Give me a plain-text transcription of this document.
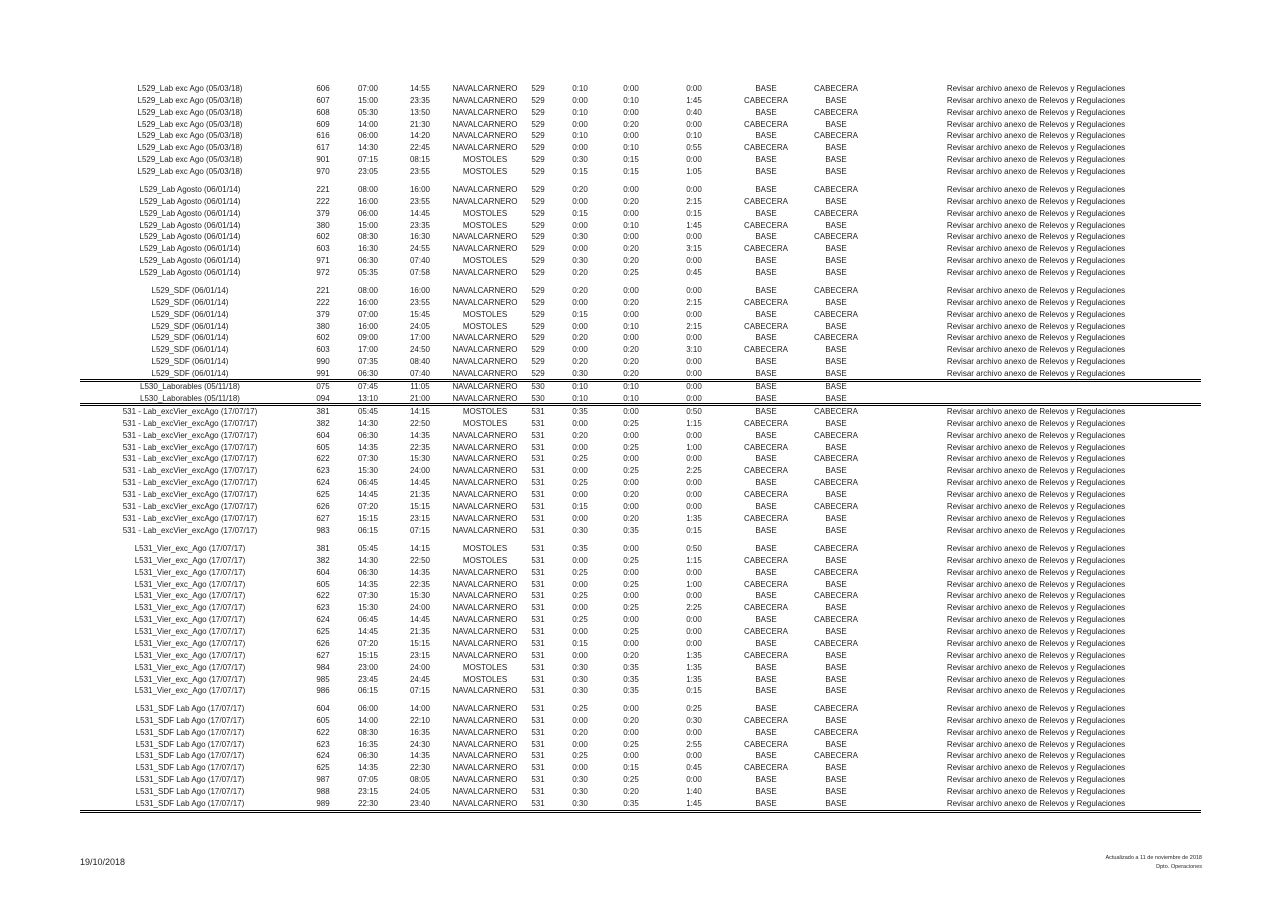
L529_Lab exc Ago (05/03/18)	606	07:00	14:55	NAVALCARNERO	529	0:10	0:00	0:00	BASE	CABECERA	Revisar archivo anexo de Relevos y Regulaciones
L529_Lab exc Ago (05/03/18)	607	15:00	23:35	NAVALCARNERO	529	0:00	0:10	1:45	CABECERA	BASE	Revisar archivo anexo de Relevos y Regulaciones
L529_Lab exc Ago (05/03/18)	608	05:30	13:50	NAVALCARNERO	529	0:10	0:00	0:40	BASE	CABECERA	Revisar archivo anexo de Relevos y Regulaciones
L529_Lab exc Ago (05/03/18)	609	14:00	21:30	NAVALCARNERO	529	0:00	0:20	0:00	CABECERA	BASE	Revisar archivo anexo de Relevos y Regulaciones
L529_Lab exc Ago (05/03/18)	616	06:00	14:20	NAVALCARNERO	529	0:10	0:00	0:10	BASE	CABECERA	Revisar archivo anexo de Relevos y Regulaciones
L529_Lab exc Ago (05/03/18)	617	14:30	22:45	NAVALCARNERO	529	0:00	0:10	0:55	CABECERA	BASE	Revisar archivo anexo de Relevos y Regulaciones
L529_Lab exc Ago (05/03/18)	901	07:15	08:15	MOSTOLES	529	0:30	0:15	0:00	BASE	BASE	Revisar archivo anexo de Relevos y Regulaciones
L529_Lab exc Ago (05/03/18)	970	23:05	23:55	MOSTOLES	529	0:15	0:15	1:05	BASE	BASE	Revisar archivo anexo de Relevos y Regulaciones
L529_Lab Agosto (06/01/14)	221	08:00	16:00	NAVALCARNERO	529	0:20	0:00	0:00	BASE	CABECERA	Revisar archivo anexo de Relevos y Regulaciones
L529_Lab Agosto (06/01/14)	222	16:00	23:55	NAVALCARNERO	529	0:00	0:20	2:15	CABECERA	BASE	Revisar archivo anexo de Relevos y Regulaciones
L529_Lab Agosto (06/01/14)	379	06:00	14:45	MOSTOLES	529	0:15	0:00	0:15	BASE	CABECERA	Revisar archivo anexo de Relevos y Regulaciones
L529_Lab Agosto (06/01/14)	380	15:00	23:35	MOSTOLES	529	0:00	0:10	1:45	CABECERA	BASE	Revisar archivo anexo de Relevos y Regulaciones
L529_Lab Agosto (06/01/14)	602	08:30	16:30	NAVALCARNERO	529	0:30	0:00	0:00	BASE	CABECERA	Revisar archivo anexo de Relevos y Regulaciones
L529_Lab Agosto (06/01/14)	603	16:30	24:55	NAVALCARNERO	529	0:00	0:20	3:15	CABECERA	BASE	Revisar archivo anexo de Relevos y Regulaciones
L529_Lab Agosto (06/01/14)	971	06:30	07:40	MOSTOLES	529	0:30	0:20	0:00	BASE	BASE	Revisar archivo anexo de Relevos y Regulaciones
L529_Lab Agosto (06/01/14)	972	05:35	07:58	NAVALCARNERO	529	0:20	0:25	0:45	BASE	BASE	Revisar archivo anexo de Relevos y Regulaciones
L529_SDF (06/01/14)	221	08:00	16:00	NAVALCARNERO	529	0:20	0:00	0:00	BASE	CABECERA	Revisar archivo anexo de Relevos y Regulaciones
L529_SDF (06/01/14)	222	16:00	23:55	NAVALCARNERO	529	0:00	0:20	2:15	CABECERA	BASE	Revisar archivo anexo de Relevos y Regulaciones
L529_SDF (06/01/14)	379	07:00	15:45	MOSTOLES	529	0:15	0:00	0:00	BASE	CABECERA	Revisar archivo anexo de Relevos y Regulaciones
L529_SDF (06/01/14)	380	16:00	24:05	MOSTOLES	529	0:00	0:10	2:15	CABECERA	BASE	Revisar archivo anexo de Relevos y Regulaciones
L529_SDF (06/01/14)	602	09:00	17:00	NAVALCARNERO	529	0:20	0:00	0:00	BASE	CABECERA	Revisar archivo anexo de Relevos y Regulaciones
L529_SDF (06/01/14)	603	17:00	24:50	NAVALCARNERO	529	0:00	0:20	3:10	CABECERA	BASE	Revisar archivo anexo de Relevos y Regulaciones
L529_SDF (06/01/14)	990	07:35	08:40	NAVALCARNERO	529	0:20	0:20	0:00	BASE	BASE	Revisar archivo anexo de Relevos y Regulaciones
L529_SDF (06/01/14)	991	06:30	07:40	NAVALCARNERO	529	0:30	0:20	0:00	BASE	BASE	Revisar archivo anexo de Relevos y Regulaciones
L530_Laborables (05/11/18)	075	07:45	11:05	NAVALCARNERO	530	0:10	0:10	0:00	BASE	BASE
L530_Laborables (05/11/18)	094	13:10	21:00	NAVALCARNERO	530	0:10	0:10	0:00	BASE	BASE
531 - Lab_excVier_excAgo (17/07/17)	381	05:45	14:15	MOSTOLES	531	0:35	0:00	0:50	BASE	CABECERA	Revisar archivo anexo de Relevos y Regulaciones
531 - Lab_excVier_excAgo (17/07/17)	382	14:30	22:50	MOSTOLES	531	0:00	0:25	1:15	CABECERA	BASE	Revisar archivo anexo de Relevos y Regulaciones
531 - Lab_excVier_excAgo (17/07/17)	604	06:30	14:35	NAVALCARNERO	531	0:20	0:00	0:00	BASE	CABECERA	Revisar archivo anexo de Relevos y Regulaciones
531 - Lab_excVier_excAgo (17/07/17)	605	14:35	22:35	NAVALCARNERO	531	0:00	0:25	1:00	CABECERA	BASE	Revisar archivo anexo de Relevos y Regulaciones
531 - Lab_excVier_excAgo (17/07/17)	622	07:30	15:30	NAVALCARNERO	531	0:25	0:00	0:00	BASE	CABECERA	Revisar archivo anexo de Relevos y Regulaciones
531 - Lab_excVier_excAgo (17/07/17)	623	15:30	24:00	NAVALCARNERO	531	0:00	0:25	2:25	CABECERA	BASE	Revisar archivo anexo de Relevos y Regulaciones
531 - Lab_excVier_excAgo (17/07/17)	624	06:45	14:45	NAVALCARNERO	531	0:25	0:00	0:00	BASE	CABECERA	Revisar archivo anexo de Relevos y Regulaciones
531 - Lab_excVier_excAgo (17/07/17)	625	14:45	21:35	NAVALCARNERO	531	0:00	0:20	0:00	CABECERA	BASE	Revisar archivo anexo de Relevos y Regulaciones
531 - Lab_excVier_excAgo (17/07/17)	626	07:20	15:15	NAVALCARNERO	531	0:15	0:00	0:00	BASE	CABECERA	Revisar archivo anexo de Relevos y Regulaciones
531 - Lab_excVier_excAgo (17/07/17)	627	15:15	23:15	NAVALCARNERO	531	0:00	0:20	1:35	CABECERA	BASE	Revisar archivo anexo de Relevos y Regulaciones
531 - Lab_excVier_excAgo (17/07/17)	983	06:15	07:15	NAVALCARNERO	531	0:30	0:35	0:15	BASE	BASE	Revisar archivo anexo de Relevos y Regulaciones
L531_Vier_exc_Ago (17/07/17)	381	05:45	14:15	MOSTOLES	531	0:35	0:00	0:50	BASE	CABECERA	Revisar archivo anexo de Relevos y Regulaciones
L531_Vier_exc_Ago (17/07/17)	382	14:30	22:50	MOSTOLES	531	0:00	0:25	1:15	CABECERA	BASE	Revisar archivo anexo de Relevos y Regulaciones
L531_Vier_exc_Ago (17/07/17)	604	06:30	14:35	NAVALCARNERO	531	0:25	0:00	0:00	BASE	CABECERA	Revisar archivo anexo de Relevos y Regulaciones
L531_Vier_exc_Ago (17/07/17)	605	14:35	22:35	NAVALCARNERO	531	0:00	0:25	1:00	CABECERA	BASE	Revisar archivo anexo de Relevos y Regulaciones
L531_Vier_exc_Ago (17/07/17)	622	07:30	15:30	NAVALCARNERO	531	0:25	0:00	0:00	BASE	CABECERA	Revisar archivo anexo de Relevos y Regulaciones
L531_Vier_exc_Ago (17/07/17)	623	15:30	24:00	NAVALCARNERO	531	0:00	0:25	2:25	CABECERA	BASE	Revisar archivo anexo de Relevos y Regulaciones
L531_Vier_exc_Ago (17/07/17)	624	06:45	14:45	NAVALCARNERO	531	0:25	0:00	0:00	BASE	CABECERA	Revisar archivo anexo de Relevos y Regulaciones
L531_Vier_exc_Ago (17/07/17)	625	14:45	21:35	NAVALCARNERO	531	0:00	0:25	0:00	CABECERA	BASE	Revisar archivo anexo de Relevos y Regulaciones
L531_Vier_exc_Ago (17/07/17)	626	07:20	15:15	NAVALCARNERO	531	0:15	0:00	0:00	BASE	CABECERA	Revisar archivo anexo de Relevos y Regulaciones
L531_Vier_exc_Ago (17/07/17)	627	15:15	23:15	NAVALCARNERO	531	0:00	0:20	1:35	CABECERA	BASE	Revisar archivo anexo de Relevos y Regulaciones
L531_Vier_exc_Ago (17/07/17)	984	23:00	24:00	MOSTOLES	531	0:30	0:35	1:35	BASE	BASE	Revisar archivo anexo de Relevos y Regulaciones
L531_Vier_exc_Ago (17/07/17)	985	23:45	24:45	MOSTOLES	531	0:30	0:35	1:35	BASE	BASE	Revisar archivo anexo de Relevos y Regulaciones
L531_Vier_exc_Ago (17/07/17)	986	06:15	07:15	NAVALCARNERO	531	0:30	0:35	0:15	BASE	BASE	Revisar archivo anexo de Relevos y Regulaciones
L531_SDF Lab Ago (17/07/17)	604	06:00	14:00	NAVALCARNERO	531	0:25	0:00	0:25	BASE	CABECERA	Revisar archivo anexo de Relevos y Regulaciones
L531_SDF Lab Ago (17/07/17)	605	14:00	22:10	NAVALCARNERO	531	0:00	0:20	0:30	CABECERA	BASE	Revisar archivo anexo de Relevos y Regulaciones
L531_SDF Lab Ago (17/07/17)	622	08:30	16:35	NAVALCARNERO	531	0:20	0:00	0:00	BASE	CABECERA	Revisar archivo anexo de Relevos y Regulaciones
L531_SDF Lab Ago (17/07/17)	623	16:35	24:30	NAVALCARNERO	531	0:00	0:25	2:55	CABECERA	BASE	Revisar archivo anexo de Relevos y Regulaciones
L531_SDF Lab Ago (17/07/17)	624	06:30	14:35	NAVALCARNERO	531	0:25	0:00	0:00	BASE	CABECERA	Revisar archivo anexo de Relevos y Regulaciones
L531_SDF Lab Ago (17/07/17)	625	14:35	22:30	NAVALCARNERO	531	0:00	0:15	0:45	CABECERA	BASE	Revisar archivo anexo de Relevos y Regulaciones
L531_SDF Lab Ago (17/07/17)	987	07:05	08:05	NAVALCARNERO	531	0:30	0:25	0:00	BASE	BASE	Revisar archivo anexo de Relevos y Regulaciones
L531_SDF Lab Ago (17/07/17)	988	23:15	24:05	NAVALCARNERO	531	0:30	0:20	1:40	BASE	BASE	Revisar archivo anexo de Relevos y Regulaciones
L531_SDF Lab Ago (17/07/17)	989	22:30	23:40	NAVALCARNERO	531	0:30	0:35	1:45	BASE	BASE	Revisar archivo anexo de Relevos y Regulaciones
19/10/2018	Actualizado a 11 de noviembre de 2018
Dpto. Operaciones
